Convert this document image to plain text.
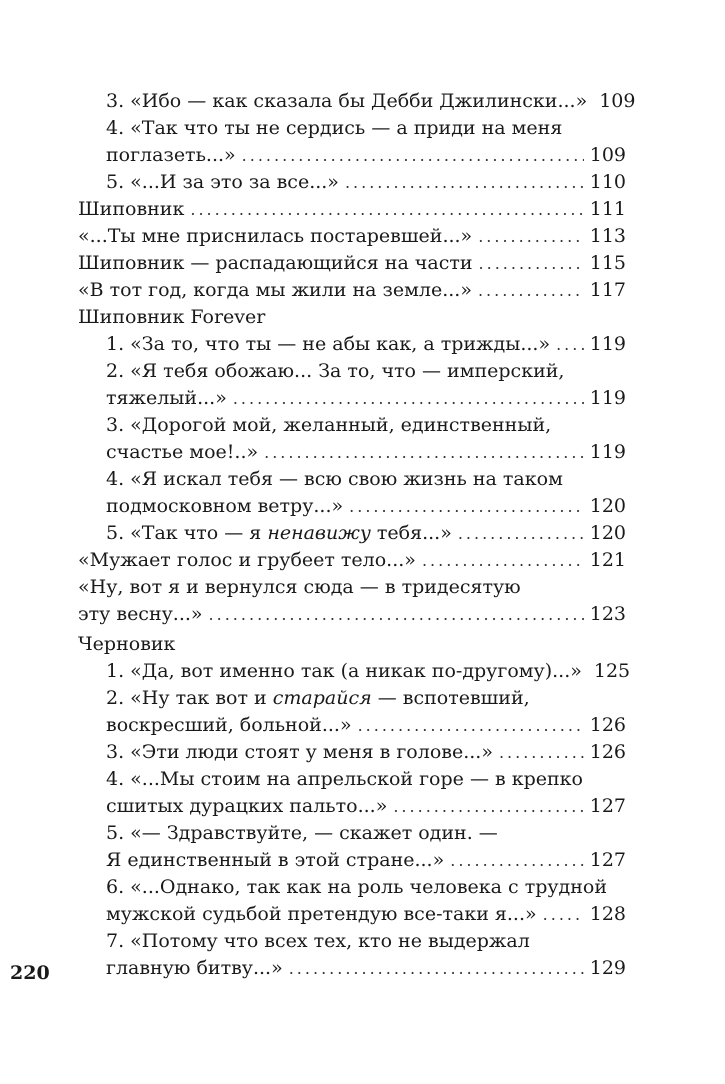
3. «Ибо — как сказала бы Дебби Джилински...» 109
4. «Так что ты не сердись — а приди на меня
поглазеть...» .....	109
5. «...И за это за все...» .....	110
Шиповник .....	111
«...Ты мне приснилась постаревшей...» .....	113
Шиповник — распадающийся на части .....	115
«В тот год, когда мы жили на земле...» .....	117
Шиповник Forever
1. «За то, что ты — не абы как, а трижды...» ..... 119
2. «Я тебя обожаю... За то, что — имперский,
тяжелый...» .....	119
3. «Дорогой мой, желанный, единственный,
счастье мое!..» .....	119
4. «Я искал тебя — всю свою жизнь на таком
подмосковном ветру...» .....	120
5. «Так что — я ненавижу тебя...» .....	120
«Мужает голос и грубеет тело...» .....	121
«Ну, вот я и вернулся сюда — в тридесятую
эту весну...» .....	123
Черновик
1. «Да, вот именно так (а никак по-другому)...» 125
2. «Ну так вот и старайся — вспотевший,
воскресший, больной...» .....	126
3. «Эти люди стоят у меня в голове...» .....	126
4. «...Мы стоим на апрельской горе — в крепко
сшитых дурацких пальто...» .....	127
5. «— Здравствуйте, — скажет один. —
Я единственный в этой стране...» .....	127
6. «...Однако, так как на роль человека с трудной
мужской судьбой претендую все-таки я...» .....	128
7. «Потому что всех тех, кто не выдержал
главную битву...» .....	129
220
